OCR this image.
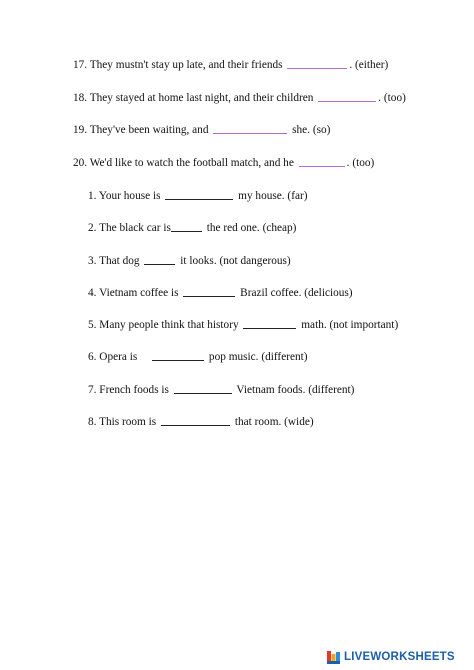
17. They mustn't stay up late, and their friends	. (either)
18. They stayed at home last night, and their children	. (too)
19. They've been waiting, and	she. (so)
20. We'd like to watch the football match, and he	. (too)
1. Your house is	my house. (far)
2. The black car is	the red one. (cheap)
3. That dog	it looks. (not dangerous)
4. Vietnam coffee is	Brazil coffee. (delicious)
5. Many people think that history	math. (not important)
6. Opera is	pop music. (different)
7. French foods is	Vietnam foods. (different)
8. This room is	that room. (wide)
LIVEWORKSHEETS
